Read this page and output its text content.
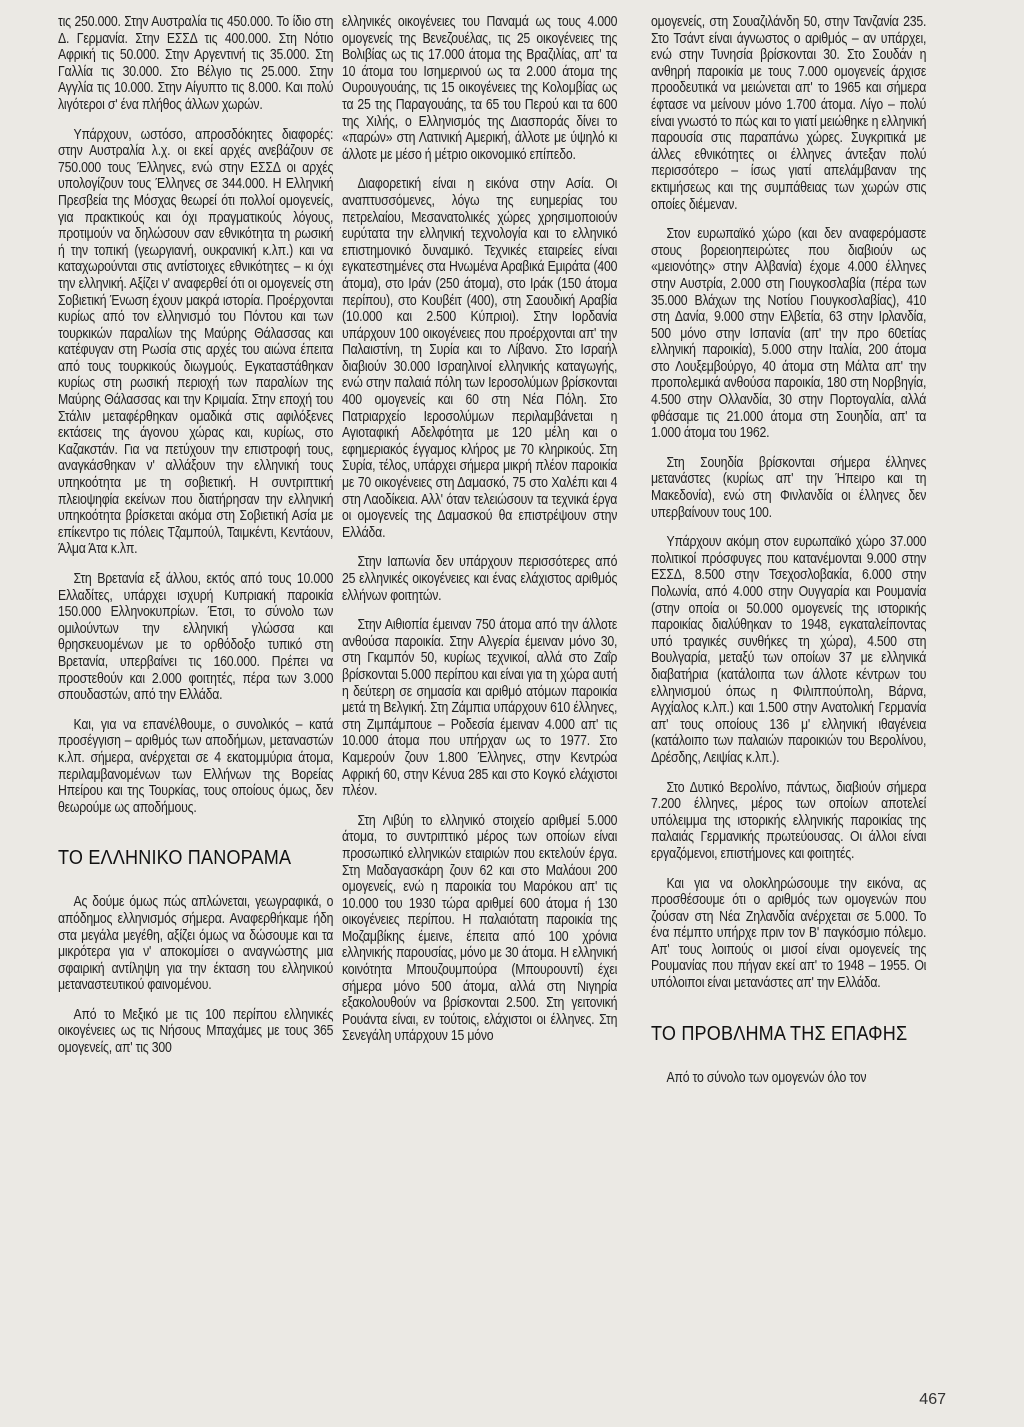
τις 250.000. Στην Αυστραλία τις 450.000. Το ίδιο στη Δ. Γερμανία. Στην ΕΣΣΔ τις 400.000. Στη Νότιο Αφρική τις 50.000. Στην Αργεντινή τις 35.000. Στη Γαλλία τις 30.000. Στο Βέλγιο τις 25.000. Στην Αγγλία τις 10.000. Στην Αίγυπτο τις 8.000. Και πολύ λιγότεροι σ' ένα πλήθος άλλων χωρών.

Υπάρχουν, ωστόσο, απροσδόκητες διαφορές: στην Αυστραλία λ.χ. οι εκεί αρχές ανεβάζουν σε 750.000 τους Έλληνες, ενώ στην ΕΣΣΔ οι αρχές υπολογίζουν τους Έλληνες σε 344.000. Η Ελληνική Πρεσβεία της Μόσχας θεωρεί ότι πολλοί ομογενείς, για πρακτικούς και όχι πραγματικούς λόγους, προτιμούν να δηλώσουν σαν εθνικότητα τη ρωσική ή την τοπική (γεωργιανή, ουκρανική κ.λπ.) και να καταχωρούνται στις αντίστοιχες εθνικότητες – κι όχι την ελληνική. Αξίζει ν' αναφερθεί ότι οι ομογενείς στη Σοβιετική Ένωση έχουν μακρά ιστορία. Προέρχονται κυρίως από τον ελληνισμό του Πόντου και των τουρκικών παραλίων της Μαύρης Θάλασσας και κατέφυγαν στη Ρωσία στις αρχές του αιώνα έπειτα από τους τουρκικούς διωγμούς. Εγκαταστάθηκαν κυρίως στη ρωσική περιοχή των παραλίων της Μαύρης Θάλασσας και την Κριμαία. Στην εποχή του Στάλιν μεταφέρθηκαν ομαδικά στις αφιλόξενες εκτάσεις της άγονου χώρας και, κυρίως, στο Καζακστάν. Για να πετύχουν την επιστροφή τους, αναγκάσθηκαν ν' αλλάξουν την ελληνική τους υπηκοότητα με τη σοβιετική. Η συντριπτική πλειοψηφία εκείνων που διατήρησαν την ελληνική υπηκοότητα βρίσκεται ακόμα στη Σοβιετική Ασία με επίκεντρο τις πόλεις Τζαμπούλ, Ταιμκέντι, Κεντάουν, Άλμα Άτα κ.λπ.

Στη Βρετανία εξ άλλου, εκτός από τους 10.000 Ελλαδίτες, υπάρχει ισχυρή Κυπριακή παροικία 150.000 Ελληνοκυπρίων. Έτσι, το σύνολο των ομιλούντων την ελληνική γλώσσα και θρησκευομένων με το ορθόδοξο τυπικό στη Βρετανία, υπερβαίνει τις 160.000. Πρέπει να προστεθούν και 2.000 φοιτητές, πέρα των 3.000 σπουδαστών, από την Ελλάδα.

Και, για να επανέλθουμε, ο συνολικός – κατά προσέγγιση – αριθμός των αποδήμων, μεταναστών κ.λπ. σήμερα, ανέρχεται σε 4 εκατομμύρια άτομα, περιλαμβανομένων των Ελλήνων της Βορείας Ηπείρου και της Τουρκίας, τους οποίους όμως, δεν θεωρούμε ως αποδήμους.

ΤΟ ΕΛΛΗΝΙΚΟ ΠΑΝΟΡΑΜΑ

Ας δούμε όμως πώς απλώνεται, γεωγραφικά, ο απόδημος ελληνισμός σήμερα. Αναφερθήκαμε ήδη στα μεγάλα μεγέθη, αξίζει όμως να δώσουμε και τα μικρότερα για ν' αποκομίσει ο αναγνώστης μια σφαιρική αντίληψη για την έκταση του ελληνικού μεταναστευτικού φαινομένου.

Από το Μεξικό με τις 100 περίπου ελληνικές οικογένειες ως τις Νήσους Μπαχάμες με τους 365 ομογενείς, απ' τις 300

ελληνικές οικογένειες του Παναμά ως τους 4.000 ομογενείς της Βενεζουέλας, τις 25 οικογένειες της Βολιβίας ως τις 17.000 άτομα της Βραζιλίας, απ' τα 10 άτομα του Ισημερινού ως τα 2.000 άτομα της Ουρουγουάης, τις 15 οικογένειες της Κολομβίας ως τα 25 της Παραγουάης, τα 65 του Περού και τα 600 της Χιλής, ο Ελληνισμός της Διασποράς δίνει το «παρών» στη Λατινική Αμερική, άλλοτε με ύψηλό κι άλλοτε με μέσο ή μέτριο οικονομικό επίπεδο.

Διαφορετική είναι η εικόνα στην Ασία. Οι αναπτυσσόμενες, λόγω της ευημερίας του πετρελαίου, Μεσανατολικές χώρες χρησιμοποιούν ευρύτατα την ελληνική τεχνολογία και το ελληνικό επιστημονικό δυναμικό. Τεχνικές εταιρείες είναι εγκατεστημένες στα Ηνωμένα Αραβικά Εμιράτα (400 άτομα), στο Ιράν (250 άτομα), στο Ιράκ (150 άτομα περίπου), στο Κουβέιτ (400), στη Σαουδική Αραβία (10.000 και 2.500 Κύπριοι). Στην Ιορδανία υπάρχουν 100 οικογένειες που προέρχονται απ' την Παλαιστίνη, τη Συρία και το Λίβανο. Στο Ισραήλ διαβιούν 30.000 Ισραηλινοί ελληνικής καταγωγής, ενώ στην παλαιά πόλη των Ιεροσολύμων βρίσκονται 400 ομογενείς και 60 στη Νέα Πόλη. Στο Πατριαρχείο Ιεροσολύμων περιλαμβάνεται η Αγιοταφική Αδελφότητα με 120 μέλη και ο εφημεριακός έγγαμος κλήρος με 70 κληρικούς. Στη Συρία, τέλος, υπάρχει σήμερα μικρή πλέον παροικία με 70 οικογένειες στη Δαμασκό, 75 στο Χαλέπι και 4 στη Λαοδίκεια. Αλλ' όταν τελειώσουν τα τεχνικά έργα οι ομογενείς της Δαμασκού θα επιστρέψουν στην Ελλάδα.

Στην Ιαπωνία δεν υπάρχουν περισσότερες από 25 ελληνικές οικογένειες και ένας ελάχιστος αριθμός ελλήνων φοιτητών.

Στην Αιθιοπία έμειναν 750 άτομα από την άλλοτε ανθούσα παροικία. Στην Αλγερία έμειναν μόνο 30, στη Γκαμπόν 50, κυρίως τεχνικοί, αλλά στο Ζαΐρ βρίσκονται 5.000 περίπου και είναι για τη χώρα αυτή η δεύτερη σε σημασία και αριθμό ατόμων παροικία μετά τη Βελγική. Στη Ζάμπια υπάρχουν 610 έλληνες, στη Ζιμπάμπουε – Ροδεσία έμειναν 4.000 απ' τις 10.000 άτομα που υπήρχαν ως το 1977. Στο Καμερούν ζουν 1.800 Έλληνες, στην Κεντρώα Αφρική 60, στην Κένυα 285 και στο Κογκό ελάχιστοι πλέον.

Στη Λιβύη το ελληνικό στοιχείο αριθμεί 5.000 άτομα, το συντριπτικό μέρος των οποίων είναι προσωπικό ελληνικών εταιριών που εκτελούν έργα. Στη Μαδαγασκάρη ζουν 62 και στο Μαλάουι 200 ομογενείς, ενώ η παροικία του Μαρόκου απ' τις 10.000 του 1930 τώρα αριθμεί 600 άτομα ή 130 οικογένειες περίπου. Η παλαιότατη παροικία της Μοζαμβίκης έμεινε, έπειτα από 100 χρόνια ελληνικής παρουσίας, μόνο με 30 άτομα. Η ελληνική κοινότητα Μπουζουμπούρα (Μπουρουντί) έχει σήμερα μόνο 500 άτομα, αλλά στη Νιγηρία εξακολουθούν να βρίσκονται 2.500. Στη γειτονική Ρουάντα είναι, εν τούτοις, ελάχιστοι οι έλληνες. Στη Σενεγάλη υπάρχουν 15 μόνο

ομογενείς, στη Σουαζιλάνδη 50, στην Τανζανία 235. Στο Τσάντ είναι άγνωστος ο αριθμός – αν υπάρχει, ενώ στην Τυνησία βρίσκονται 30. Στο Σουδάν η ανθηρή παροικία με τους 7.000 ομογενείς άρχισε προοδευτικά να μειώνεται απ' το 1965 και σήμερα έφτασε να μείνουν μόνο 1.700 άτομα. Λίγο – πολύ είναι γνωστό το πώς και το γιατί μειώθηκε η ελληνική παρουσία στις παραπάνω χώρες. Συγκριτικά με άλλες εθνικότητες οι έλληνες άντεξαν πολύ περισσότερο – ίσως γιατί απελάμβαναν της εκτιμήσεως και της συμπάθειας των χωρών στις οποίες διέμεναν.

Στον ευρωπαϊκό χώρο (και δεν αναφερόμαστε στους βορειοηπειρώτες που διαβιούν ως «μειονότης» στην Αλβανία) έχομε 4.000 έλληνες στην Αυστρία, 2.000 στη Γιουγκοσλαβία (πέρα των 35.000 Βλάχων της Νοτίου Γιουγκοσλαβίας), 410 στη Δανία, 9.000 στην Ελβετία, 63 στην Ιρλανδία, 500 μόνο στην Ισπανία (απ' την προ 60ετίας ελληνική παροικία), 5.000 στην Ιταλία, 200 άτομα στο Λουξεμβούργο, 40 άτομα στη Μάλτα απ' την προπολεμικά ανθούσα παροικία, 180 στη Νορβηγία, 4.500 στην Ολλανδία, 30 στην Πορτογαλία, αλλά φθάσαμε τις 21.000 άτομα στη Σουηδία, απ' τα 1.000 άτομα του 1962.

Στη Σουηδία βρίσκονται σήμερα έλληνες μετανάστες (κυρίως απ' την Ήπειρο και τη Μακεδονία), ενώ στη Φινλανδία οι έλληνες δεν υπερβαίνουν τους 100.

Υπάρχουν ακόμη στον ευρωπαϊκό χώρο 37.000 πολιτικοί πρόσφυγες που κατανέμονται 9.000 στην ΕΣΣΔ, 8.500 στην Τσεχοσλοβακία, 6.000 στην Πολωνία, από 4.000 στην Ουγγαρία και Ρουμανία (στην οποία οι 50.000 ομογενείς της ιστορικής παροικίας διαλύθηκαν το 1948, εγκαταλείποντας υπό τραγικές συνθήκες τη χώρα), 4.500 στη Βουλγαρία, μεταξύ των οποίων 37 με ελληνικά διαβατήρια (κατάλοιπα των άλλοτε κέντρων του ελληνισμού όπως η Φιλιππούπολη, Βάρνα, Αγχίαλος κ.λπ.) και 1.500 στην Ανατολική Γερμανία απ' τους οποίους 136 μ' ελληνική ιθαγένεια (κατάλοιπο των παλαιών παροικιών του Βερολίνου, Δρέσδης, Λειψίας κ.λπ.).

Στο Δυτικό Βερολίνο, πάντως, διαβιούν σήμερα 7.200 έλληνες, μέρος των οποίων αποτελεί υπόλειμμα της ιστορικής ελληνικής παροικίας της παλαιάς Γερμανικής πρωτεύουσας. Οι άλλοι είναι εργαζόμενοι, επιστήμονες και φοιτητές.

Και για να ολοκληρώσουμε την εικόνα, ας προσθέσουμε ότι ο αριθμός των ομογενών που ζούσαν στη Νέα Ζηλανδία ανέρχεται σε 5.000. Το ένα πέμπτο υπήρχε πριν τον Β' παγκόσμιο πόλεμο. Απ' τους λοιπούς οι μισοί είναι ομογενείς της Ρουμανίας που πήγαν εκεί απ' το 1948 – 1955. Οι υπόλοιποι είναι μετανάστες απ' την Ελλάδα.

ΤΟ ΠΡΟΒΛΗΜΑ ΤΗΣ ΕΠΑΦΗΣ

Από το σύνολο των ομογενών όλο τον

467
